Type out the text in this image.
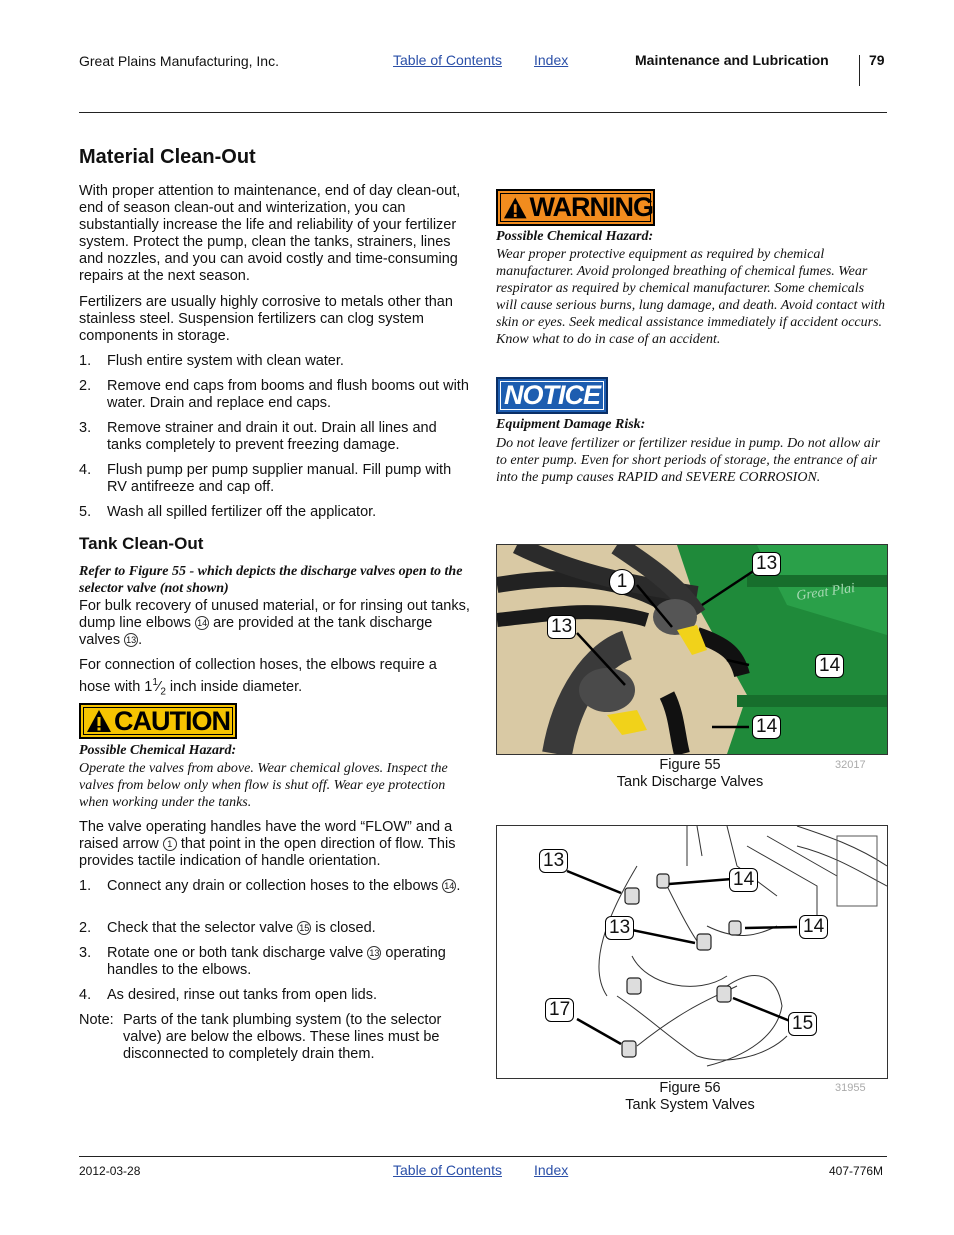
Great Plains Manufacturing, Inc.	Table of Contents Index	Maintenance and Lubrication	79
Material Clean-Out
With proper attention to maintenance, end of day clean-out, end of season clean-out and winterization, you can substantially increase the life and reliability of your fertilizer system. Protect the pump, clean the tanks, strainers, lines and nozzles, and you can avoid costly and time-consuming repairs at the next season.
Fertilizers are usually highly corrosive to metals other than stainless steel. Suspension fertilizers can clog system components in storage.
1. Flush entire system with clean water.
2. Remove end caps from booms and flush booms out with water. Drain and replace end caps.
3. Remove strainer and drain it out. Drain all lines and tanks completely to prevent freezing damage.
4. Flush pump per pump supplier manual. Fill pump with RV antifreeze and cap off.
5. Wash all spilled fertilizer off the applicator.
Tank Clean-Out
Refer to Figure 55 - which depicts the discharge valves open to the selector valve (not shown)
For bulk recovery of unused material, or for rinsing out tanks, dump line elbows 14 are provided at the tank discharge valves 13 .
For connection of collection hoses, the elbows require a hose with $1^1⁄_2$ inch inside diameter.
CAUTION
Possible Chemical Hazard:
Operate the valves from above. Wear chemical gloves. Inspect the valves from below only when flow is shut off. Wear eye protection when working under the tanks.
The valve operating handles have the word “FLOW” and a raised arrow 1 that point in the open direction of flow. This provides tactile indication of handle orientation.
1. Connect any drain or collection hoses to the elbows 14 .
2. Check that the selector valve 15 is closed.
3. Rotate one or both tank discharge valve 13 operating handles to the elbows.
4. As desired, rinse out tanks from open lids.
Note: Parts of the tank plumbing system (to the selector valve) are below the elbows. These lines must be disconnected to completely drain them.
WARNING
Possible Chemical Hazard:
Wear proper protective equipment as required by chemical manufacturer. Avoid prolonged breathing of chemical fumes. Wear respirator as required by chemical manufacturer. Some chemicals will cause serious burns, lung damage, and death. Avoid contact with skin or eyes. Seek medical assistance immediately if accident occurs. Know what to do in case of an accident.
NOTICE
Equipment Damage Risk:
Do not leave fertilizer or fertilizer residue in pump. Do not allow air to enter pump. Even for short periods of storage, the entrance of air into the pump causes RAPID and SEVERE CORROSION.
Great Plai
1
13
13
14
14
Figure 55
Tank Discharge Valves
32017
13
14
13	14
17
15
Figure 56
Tank System Valves
31955
2012-03-28	Table of Contents Index	407-776M
